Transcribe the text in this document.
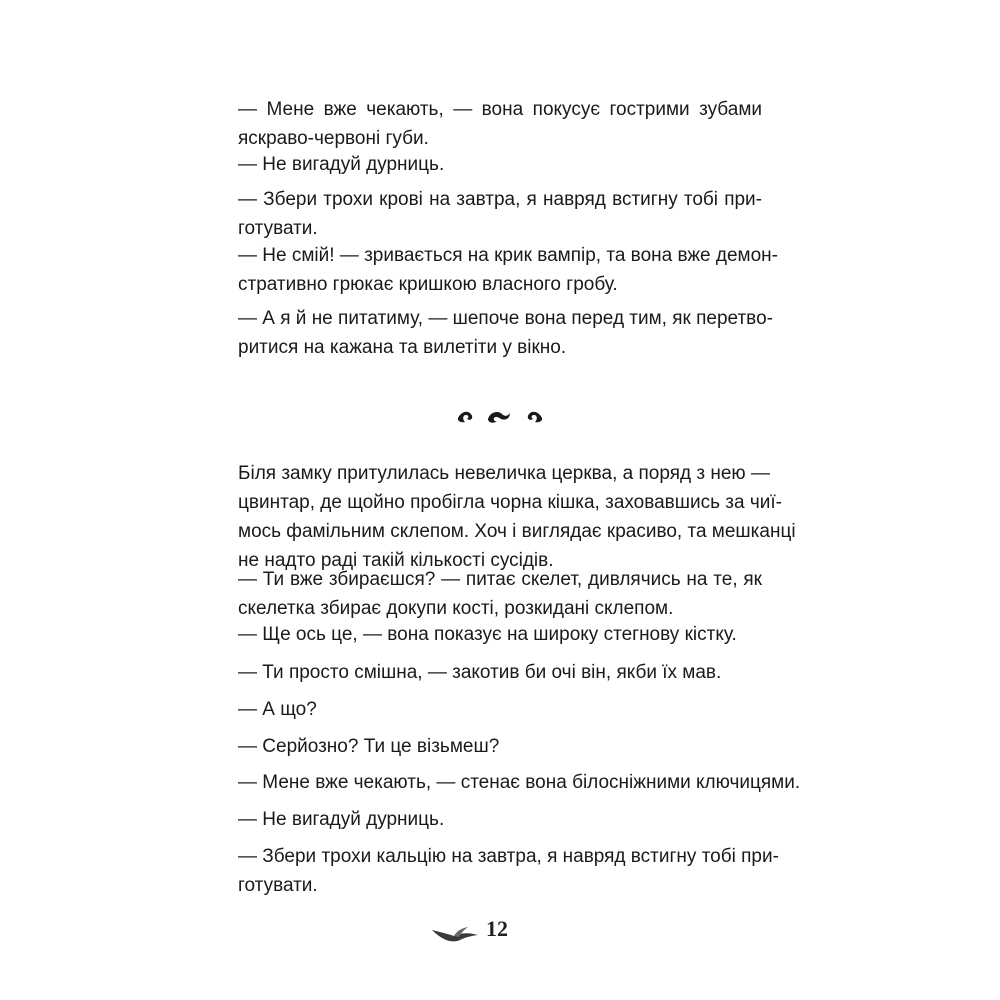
— Мене вже чекають, — вона покусує гострими зубами
яскраво-червоні губи.

— Не вигадуй дурниць.

— Збери трохи крові на завтра, я навряд встигну тобі при-
готувати.

— Не смій! — зривається на крик вампір, та вона вже демон-
стративно грюкає кришкою власного гробу.

— А я й не питатиму, — шепоче вона перед тим, як перетво-
ритися на кажана та вилетіти у вікно.

Біля замку притулилась невеличка церква, а поряд з нею —
цвинтар, де щойно пробігла чорна кішка, заховавшись за чиї-
мось фамільним склепом. Хоч і виглядає красиво, та мешканці
не надто раді такій кількості сусідів.

— Ти вже збираєшся? — питає скелет, дивлячись на те, як
скелетка збирає докупи кості, розкидані склепом.

— Ще ось це, — вона показує на широку стегнову кістку.

— Ти просто смішна, — закотив би очі він, якби їх мав.

— А що?

— Серйозно? Ти це візьмеш?

— Мене вже чекають, — стенає вона білосніжними ключицями.

— Не вигадуй дурниць.

— Збери трохи кальцію на завтра, я навряд встигну тобі при-
готувати.

12
